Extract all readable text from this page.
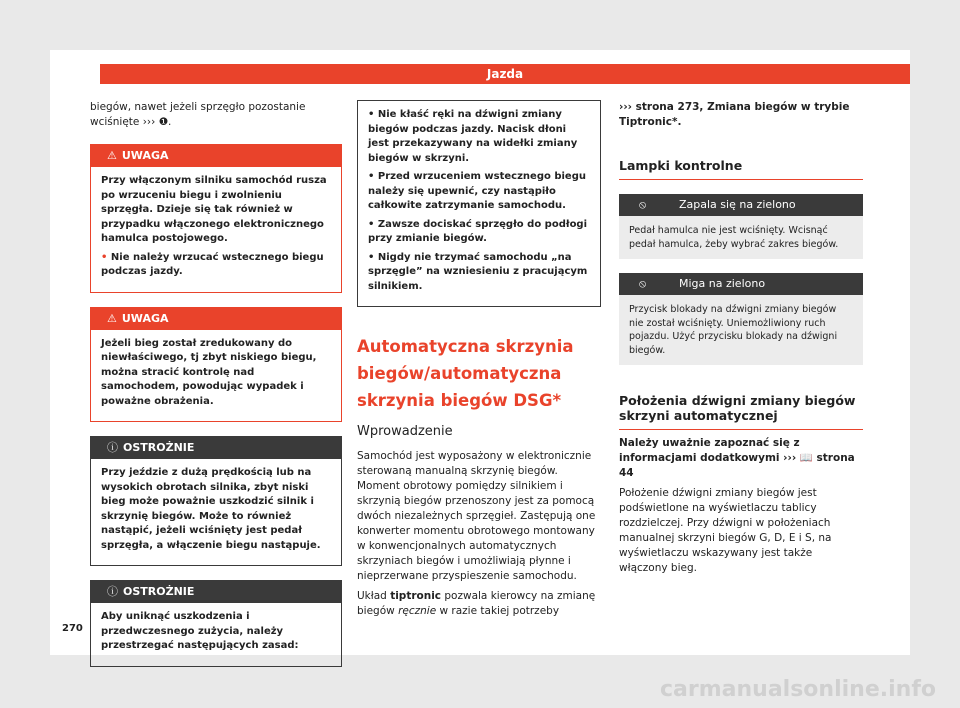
Jazda

biegów, nawet jeżeli sprzęgło pozostanie wciśnięte ››› ❶.

⚠ UWAGA
Przy włączonym silniku samochód rusza po wrzuceniu biegu i zwolnieniu sprzęgła. Dzieje się tak również w przypadku włączonego elektronicznego hamulca postojowego.
• Nie należy wrzucać wstecznego biegu podczas jazdy.
⚠ UWAGA
Jeżeli bieg został zredukowany do niewłaściwego, tj zbyt niskiego biegu, można stracić kontrolę nad samochodem, powodując wypadek i poważne obrażenia.
ⓘ OSTROŻNIE
Przy jeździe z dużą prędkością lub na wysokich obrotach silnika, zbyt niski bieg może poważnie uszkodzić silnik i skrzynię biegów. Może to również nastąpić, jeżeli wciśnięty jest pedał sprzęgła, a włączenie biegu nastąpuje.
ⓘ OSTROŻNIE
Aby uniknąć uszkodzenia i przedwczesnego zużycia, należy przestrzegać następujących zasad:
• Nie kłaść ręki na dźwigni zmiany biegów podczas jazdy. Nacisk dłoni jest przekazywany na widełki zmiany biegów w skrzyni.
• Przed wrzuceniem wstecznego biegu należy się upewnić, czy nastąpiło całkowite zatrzymanie samochodu.
• Zawsze dociskać sprzęgło do podłogi przy zmianie biegów.
• Nigdy nie trzymać samochodu „na sprzęgle” na wzniesieniu z pracującym silnikiem.
Automatyczna skrzynia biegów/automatyczna skrzynia biegów DSG*
Wprowadzenie

Samochód jest wyposażony w elektronicznie sterowaną manualną skrzynię biegów. Moment obrotowy pomiędzy silnikiem i skrzynią biegów przenoszony jest za pomocą dwóch niezależnych sprzęgieł. Zastępują one konwerter momentu obrotowego montowany w konwencjonalnych automatycznych skrzyniach biegów i umożliwiają płynne i nieprzerwane przyspieszenie samochodu.

Układ tiptronic pozwala kierowcy na zmianę biegów ręcznie w razie takiej potrzeby

››› strona 273, Zmiana biegów w trybie Tiptronic*.

Lampki kontrolne
⦸	Zapala się na zielono
Pedał hamulca nie jest wciśnięty. Wcisnąć pedał hamulca, żeby wybrać zakres biegów.
⦸	Miga na zielono
Przycisk blokady na dźwigni zmiany biegów nie został wciśnięty. Uniemożliwiony ruch pojazdu. Użyć przycisku blokady na dźwigni biegów.
Położenia dźwigni zmiany biegów skrzyni automatycznej

Należy uważnie zapoznać się z informacjami dodatkowymi ››› 📖 strona 44

Położenie dźwigni zmiany biegów jest podświetlone na wyświetlaczu tablicy rozdzielczej. Przy dźwigni w położeniach manualnej skrzyni biegów G, D, E i S, na wyświetlaczu wskazywany jest także włączony bieg.

270
carmanualsonline.info
